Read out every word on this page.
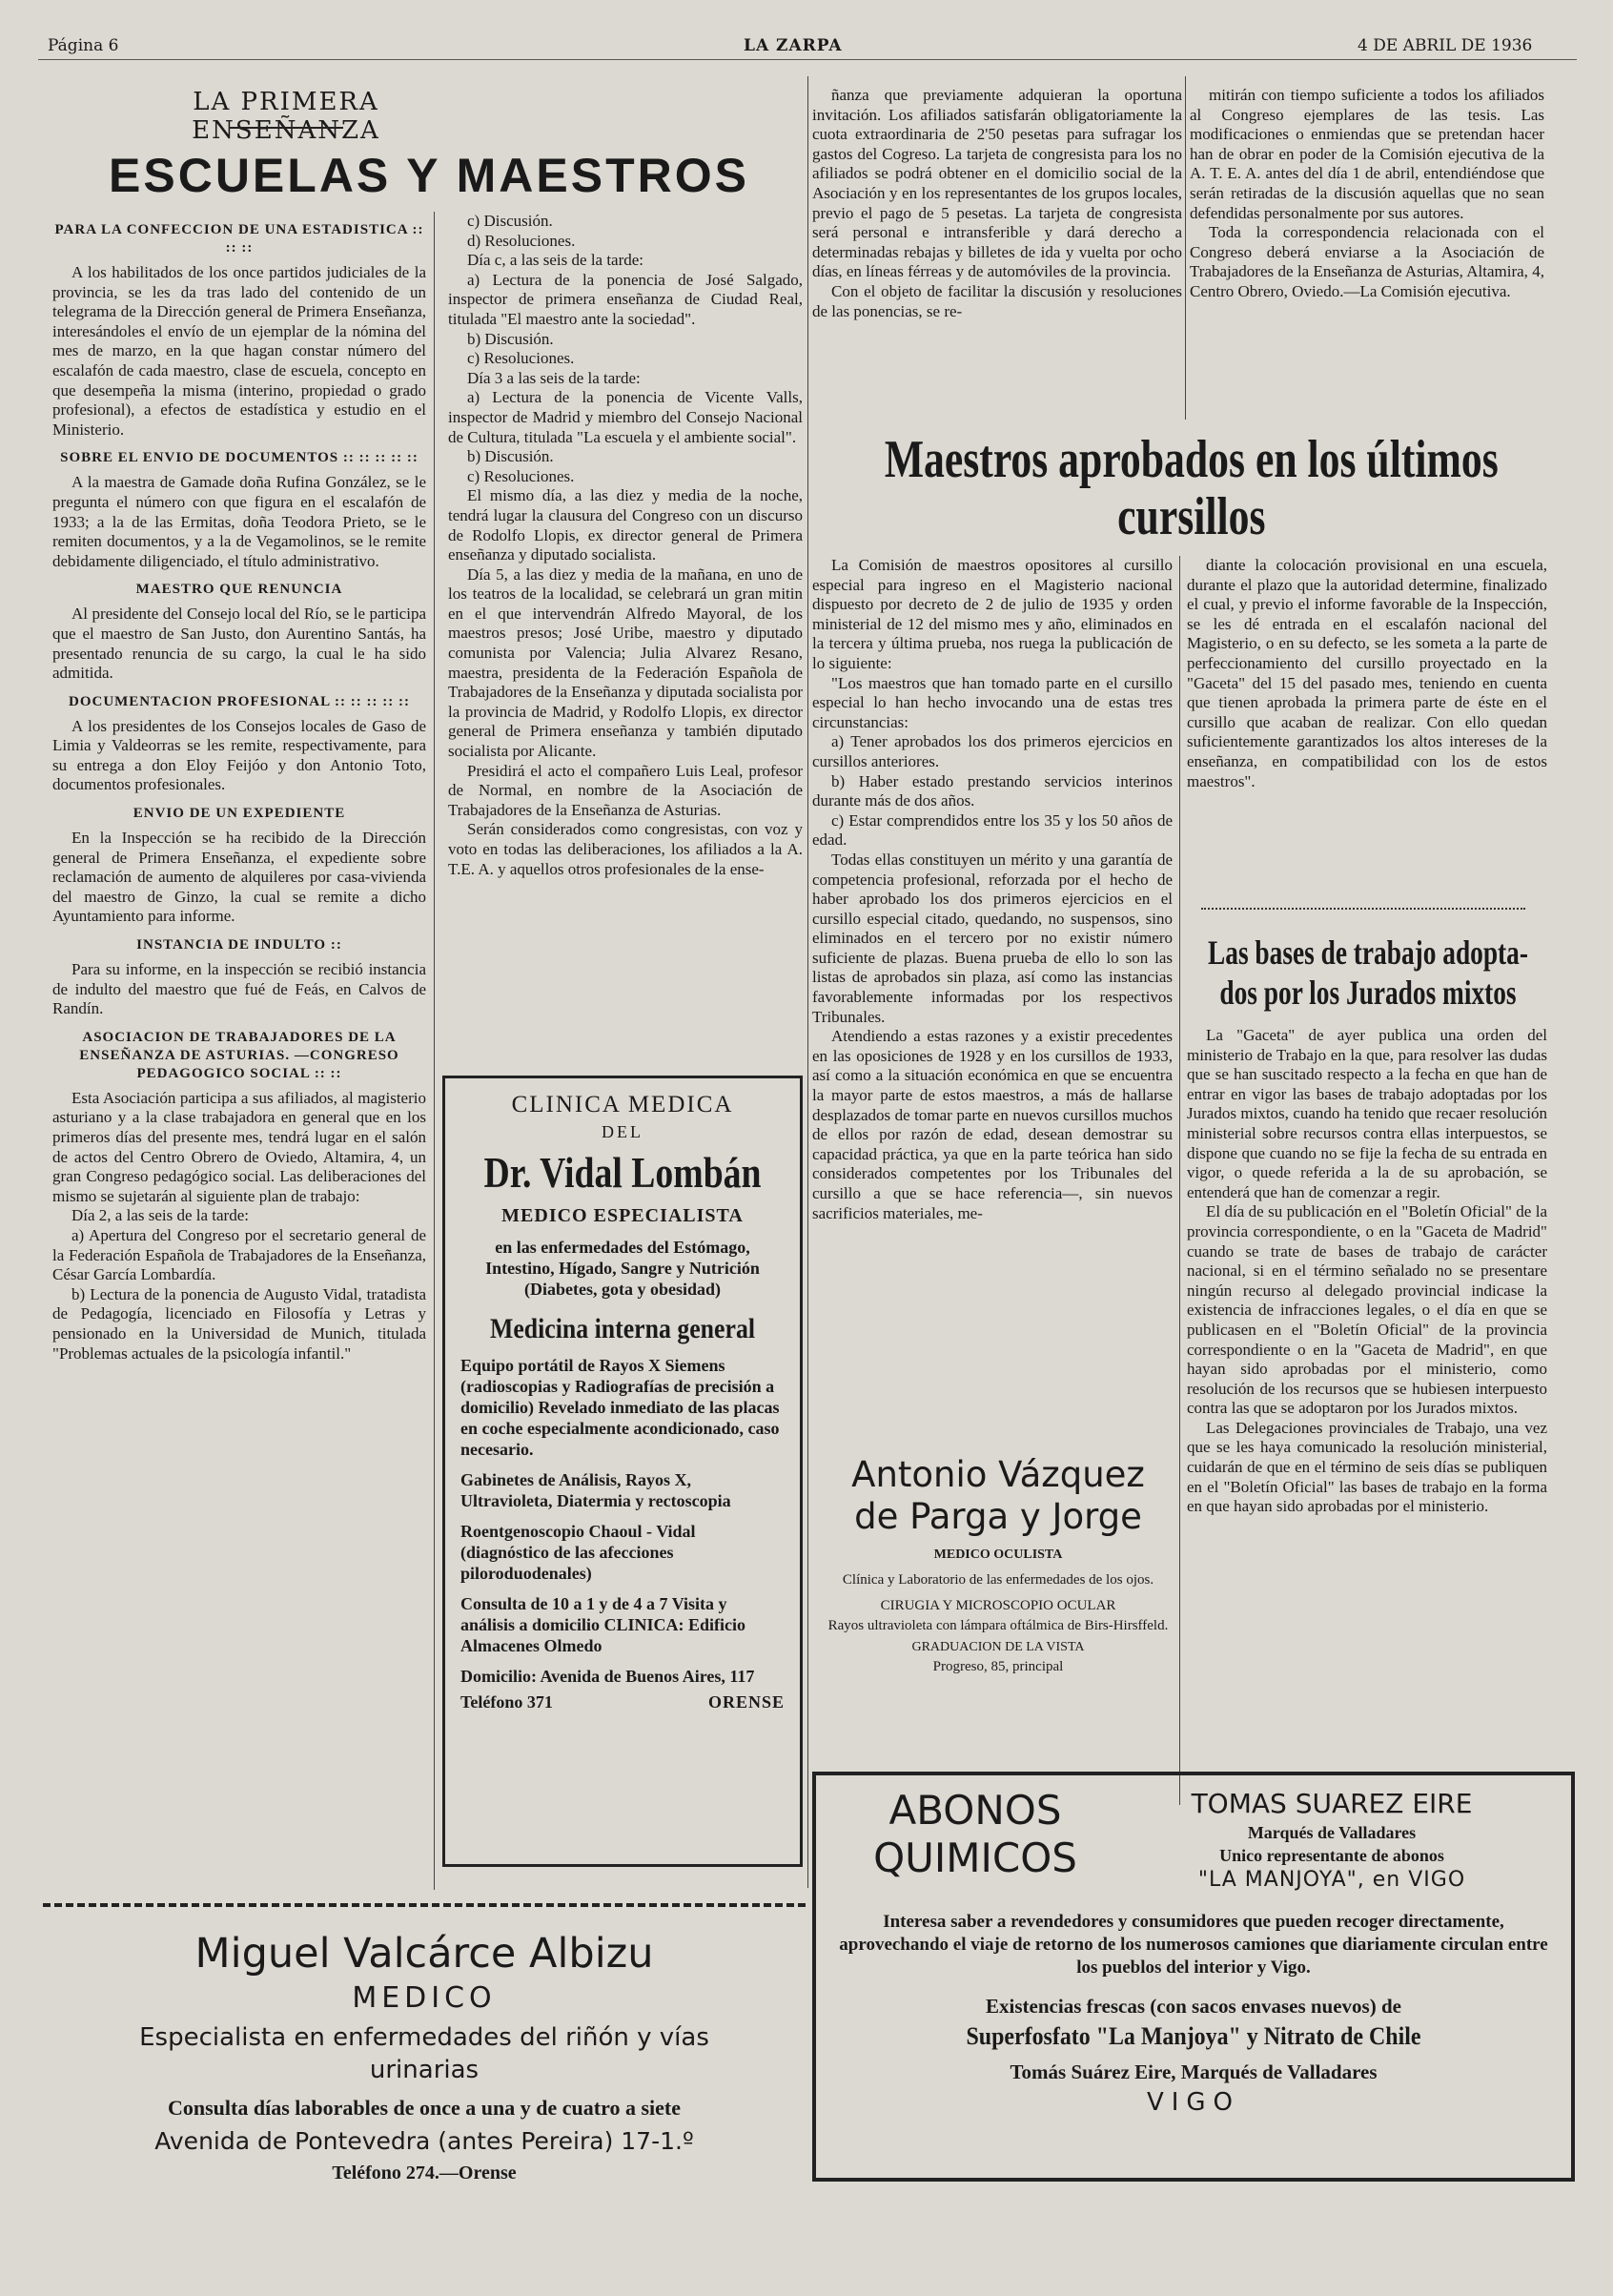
Página 6	LA ZARPA	4 DE ABRIL DE 1936
LA PRIMERA ENSEÑANZA
ESCUELAS Y MAESTROS
PARA LA CONFECCION DE UNA ESTADISTICA :: :: ::

A los habilitados de los once partidos judiciales de la provincia, se les da tras lado del contenido de un telegrama de la Dirección general de Primera Enseñanza, interesándoles el envío de un ejemplar de la nómina del mes de marzo, en la que hagan constar número del escalafón de cada maestro, clase de escuela, concepto en que desempeña la misma (interino, propiedad o grado profesional), a efectos de estadística y estudio en el Ministerio.

SOBRE EL ENVIO DE DOCUMENTOS :: :: :: :: ::

A la maestra de Gamade doña Rufina González, se le pregunta el número con que figura en el escalafón de 1933; a la de las Ermitas, doña Teodora Prieto, se le remiten documentos, y a la de Vegamolinos, se le remite debidamente diligenciado, el título administrativo.

MAESTRO QUE RENUNCIA

Al presidente del Consejo local del Río, se le participa que el maestro de San Justo, don Aurentino Santás, ha presentado renuncia de su cargo, la cual le ha sido admitida.

DOCUMENTACION PROFESIONAL :: :: :: :: ::

A los presidentes de los Consejos locales de Gaso de Limia y Valdeorras se les remite, respectivamente, para su entrega a don Eloy Feijóo y don Antonio Toto, documentos profesionales.

ENVIO DE UN EXPEDIENTE

En la Inspección se ha recibido de la Dirección general de Primera Enseñanza, el expediente sobre reclamación de aumento de alquileres por casa-vivienda del maestro de Ginzo, la cual se remite a dicho Ayuntamiento para informe.

INSTANCIA DE INDULTO ::

Para su informe, en la inspección se recibió instancia de indulto del maestro que fué de Feás, en Calvos de Randín.

ASOCIACION DE TRABAJADORES DE LA ENSEÑANZA DE ASTURIAS. —CONGRESO PEDAGOGICO SOCIAL :: ::

Esta Asociación participa a sus afiliados, al magisterio asturiano y a la clase trabajadora en general que en los primeros días del presente mes, tendrá lugar en el salón de actos del Centro Obrero de Oviedo, Altamira, 4, un gran Congreso pedagógico social. Las deliberaciones del mismo se sujetarán al siguiente plan de trabajo:

Día 2, a las seis de la tarde:

a) Apertura del Congreso por el secretario general de la Federación Española de Trabajadores de la Enseñanza, César García Lombardía.

b) Lectura de la ponencia de Augusto Vidal, tratadista de Pedagogía, licenciado en Filosofía y Letras y pensionado en la Universidad de Munich, titulada "Problemas actuales de la psicología infantil."

c) Discusión.

d) Resoluciones.

Día c, a las seis de la tarde:

a) Lectura de la ponencia de José Salgado, inspector de primera enseñanza de Ciudad Real, titulada "El maestro ante la sociedad".

b) Discusión.

c) Resoluciones.

Día 3 a las seis de la tarde:

a) Lectura de la ponencia de Vicente Valls, inspector de Madrid y miembro del Consejo Nacional de Cultura, titulada "La escuela y el ambiente social".

b) Discusión.

c) Resoluciones.

El mismo día, a las diez y media de la noche, tendrá lugar la clausura del Congreso con un discurso de Rodolfo Llopis, ex director general de Primera enseñanza y diputado socialista.

Día 5, a las diez y media de la mañana, en uno de los teatros de la localidad, se celebrará un gran mitin en el que intervendrán Alfredo Mayoral, de los maestros presos; José Uribe, maestro y diputado comunista por Valencia; Julia Alvarez Resano, maestra, presidenta de la Federación Española de Trabajadores de la Enseñanza y diputada socialista por la provincia de Madrid, y Rodolfo Llopis, ex director general de Primera enseñanza y también diputado socialista por Alicante.

Presidirá el acto el compañero Luis Leal, profesor de Normal, en nombre de la Asociación de Trabajadores de la Enseñanza de Asturias.

Serán considerados como congresistas, con voz y voto en todas las deliberaciones, los afiliados a la A. T.E. A. y aquellos otros profesionales de la ense-

ñanza que previamente adquieran la oportuna invitación. Los afiliados satisfarán obligatoriamente la cuota extraordinaria de 2'50 pesetas para sufragar los gastos del Cogreso. La tarjeta de congresista para los no afiliados se podrá obtener en el domicilio social de la Asociación y en los representantes de los grupos locales, previo el pago de 5 pesetas. La tarjeta de congresista será personal e intransferible y dará derecho a determinadas rebajas y billetes de ida y vuelta por ocho días, en líneas férreas y de automóviles de la provincia.

Con el objeto de facilitar la discusión y resoluciones de las ponencias, se re-

mitirán con tiempo suficiente a todos los afiliados al Congreso ejemplares de las tesis. Las modificaciones o enmiendas que se pretendan hacer han de obrar en poder de la Comisión ejecutiva de la A. T. E. A. antes del día 1 de abril, entendiéndose que serán retiradas de la discusión aquellas que no sean defendidas personalmente por sus autores.

Toda la correspondencia relacionada con el Congreso deberá enviarse a la Asociación de Trabajadores de la Enseñanza de Asturias, Altamira, 4, Centro Obrero, Oviedo.—La Comisión ejecutiva.

Maestros aprobados en los últimos
cursillos

La Comisión de maestros opositores al cursillo especial para ingreso en el Magisterio nacional dispuesto por decreto de 2 de julio de 1935 y orden ministerial de 12 del mismo mes y año, eliminados en la tercera y última prueba, nos ruega la publicación de lo siguiente:

"Los maestros que han tomado parte en el cursillo especial lo han hecho invocando una de estas tres circunstancias:

a) Tener aprobados los dos primeros ejercicios en cursillos anteriores.

b) Haber estado prestando servicios interinos durante más de dos años.

c) Estar comprendidos entre los 35 y los 50 años de edad.

Todas ellas constituyen un mérito y una garantía de competencia profesional, reforzada por el hecho de haber aprobado los dos primeros ejercicios en el cursillo especial citado, quedando, no suspensos, sino eliminados en el tercero por no existir número suficiente de plazas. Buena prueba de ello lo son las listas de aprobados sin plaza, así como las instancias favorablemente informadas por los respectivos Tribunales.

Atendiendo a estas razones y a existir precedentes en las oposiciones de 1928 y en los cursillos de 1933, así como a la situación económica en que se encuentra la mayor parte de estos maestros, a más de hallarse desplazados de tomar parte en nuevos cursillos muchos de ellos por razón de edad, desean demostrar su capacidad práctica, ya que en la parte teórica han sido considerados competentes por los Tribunales del cursillo a que se hace referencia—, sin nuevos sacrificios materiales, me-

diante la colocación provisional en una escuela, durante el plazo que la autoridad determine, finalizado el cual, y previo el informe favorable de la Inspección, se les dé entrada en el escalafón nacional del Magisterio, o en su defecto, se les someta a la parte de perfeccionamiento del cursillo proyectado en la "Gaceta" del 15 del pasado mes, teniendo en cuenta que tienen aprobada la primera parte de éste en el cursillo que acaban de realizar. Con ello quedan suficientemente garantizados los altos intereses de la enseñanza, en compatibilidad con los de estos maestros".

Las bases de trabajo adopta-
dos por los Jurados mixtos

La "Gaceta" de ayer publica una orden del ministerio de Trabajo en la que, para resolver las dudas que se han suscitado respecto a la fecha en que han de entrar en vigor las bases de trabajo adoptadas por los Jurados mixtos, cuando ha tenido que recaer resolución ministerial sobre recursos contra ellas interpuestos, se dispone que cuando no se fije la fecha de su entrada en vigor, o quede referida a la de su aprobación, se entenderá que han de comenzar a regir.

El día de su publicación en el "Boletín Oficial" de la provincia correspondiente, o en la "Gaceta de Madrid" cuando se trate de bases de trabajo de carácter nacional, si en el término señalado no se presentare ningún recurso al delegado provincial indicase la existencia de infracciones legales, o el día en que se publicasen en el "Boletín Oficial" de la provincia correspondiente o en la "Gaceta de Madrid", en que hayan sido aprobadas por el ministerio, como resolución de los recursos que se hubiesen interpuesto contra las que se adoptaron por los Jurados mixtos.

Las Delegaciones provinciales de Trabajo, una vez que se les haya comunicado la resolución ministerial, cuidarán de que en el término de seis días se publiquen en el "Boletín Oficial" las bases de trabajo en la forma en que hayan sido aprobadas por el ministerio.

CLINICA MEDICA

DEL

Dr. Vidal Lombán

MEDICO ESPECIALISTA

en las enfermedades del Estómago, Intestino, Hígado, Sangre y Nutrición (Diabetes, gota y obesidad)

Medicina interna general

Equipo portátil de Rayos X Siemens (radioscopias y Radiografías de precisión a domicilio) Revelado inmediato de las placas en coche especialmente acondicionado, caso necesario.

Gabinetes de Análisis, Rayos X, Ultravioleta, Diatermia y rectoscopia

Roentgenoscopio Chaoul - Vidal (diagnóstico de las afecciones piloroduodenales)

Consulta de 10 a 1 y de 4 a 7 Visita y análisis a domicilio CLINICA: Edificio Almacenes Olmedo

Domicilio: Avenida de Buenos Aires, 117

Teléfono 371	ORENSE

Antonio Vázquez

de Parga y Jorge

MEDICO OCULISTA

Clínica y Laboratorio de las enfermedades de los ojos.

CIRUGIA Y MICROSCOPIO OCULAR

Rayos ultravioleta con lámpara oftálmica de Birs-Hirsffeld.

GRADUACION DE LA VISTA

Progreso, 85, principal

Miguel Valcárce Albizu

MEDICO

Especialista en enfermedades del riñón y vías urinarias

Consulta días laborables de once a una y de cuatro a siete

Avenida de Pontevedra (antes Pereira) 17-1.º

Teléfono 274.—Orense

ABONOS

QUIMICOS

TOMAS SUAREZ EIRE

Marqués de Valladares

Unico representante de abonos

"LA MANJOYA", en VIGO

Interesa saber a revendedores y consumidores que pueden recoger directamente, aprovechando el viaje de retorno de los numerosos camiones que diariamente circulan entre los pueblos del interior y Vigo.

Existencias frescas (con sacos envases nuevos) de

Superfosfato "La Manjoya" y Nitrato de Chile

Tomás Suárez Eire, Marqués de Valladares

VIGO
